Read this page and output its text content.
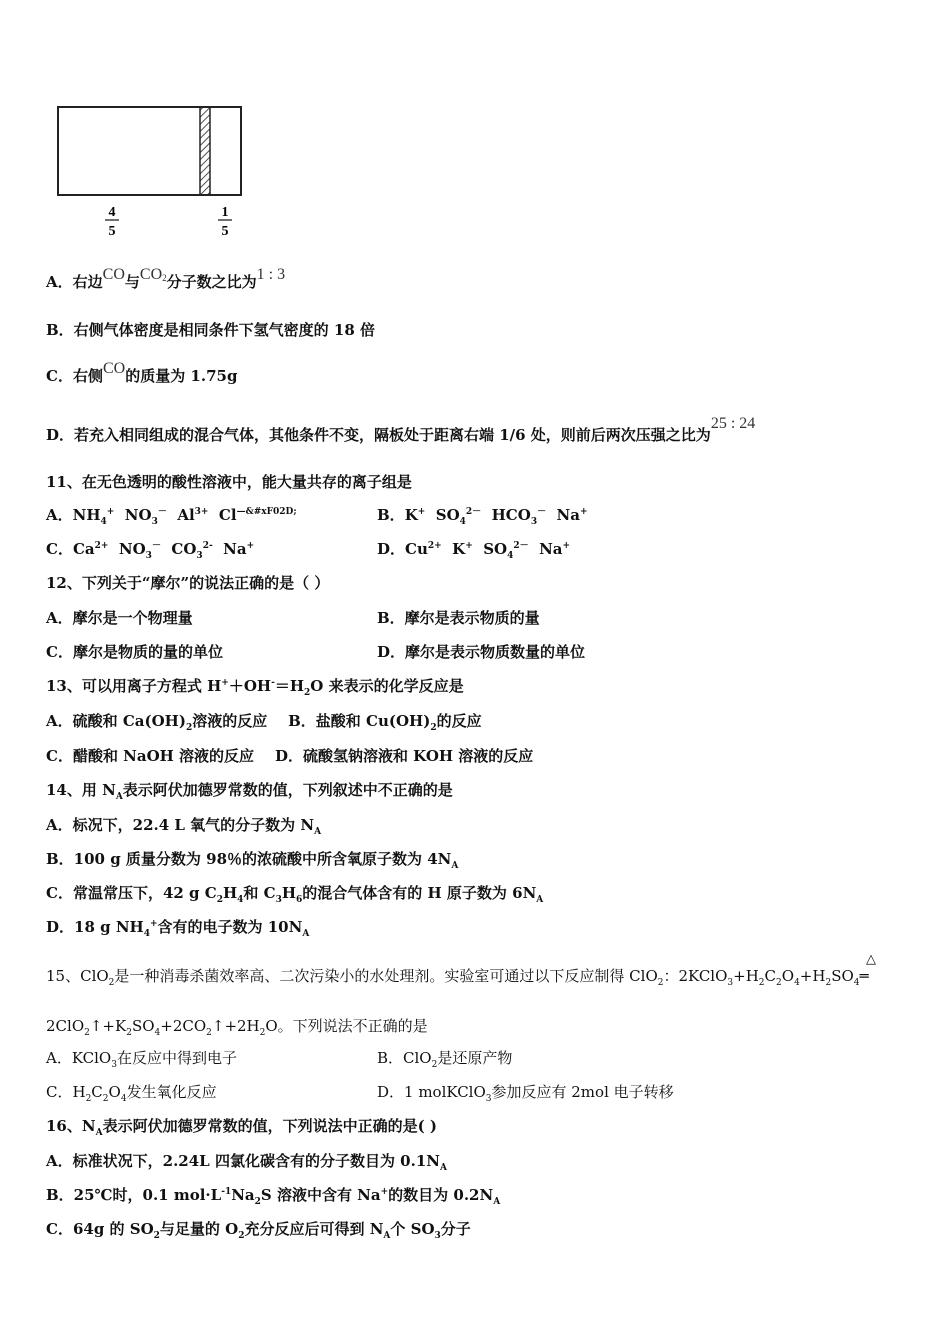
4
5
1
5
A．右边CO与$CO_2$分子数之比为1 : 3
B．右侧气体密度是相同条件下氢气密度的 18 倍
C．右侧CO的质量为 1.75g
D．若充入相同组成的混合气体，其他条件不变，隔板处于距离右端 1/6 处，则前后两次压强之比为25 : 24
11、在无色透明的酸性溶液中，能大量共存的离子组是
A．$NH_4^+$ $NO_3^-$ $Al^{3+}$ $Cl^{—\&\#xF02D;}$	B．K+ $SO_4^{2-}$ $HCO_3^-$ Na+
C．$Ca^{2+}$ $NO_3^-$ $CO_3^{2-}$ Na+	D．$Cu^{2+}$ K+ $SO_4^{2-}$ Na+
12、下列关于“摩尔”的说法正确的是（ ）
A．摩尔是一个物理量	B．摩尔是表示物质的量
C．摩尔是物质的量的单位	D．摩尔是表示物质数量的单位
13、可以用离子方程式 $H^++OH^-=H_2O$ 来表示的化学反应是
A．硫酸和 $Ca(OH)_2$溶液的反应 B．盐酸和 $Cu(OH)_2$的反应
C．醋酸和 NaOH 溶液的反应 D．硫酸氢钠溶液和 KOH 溶液的反应
14、用 $N_A$表示阿伏加德罗常数的值，下列叙述中不正确的是
A．标况下，22.4 L 氧气的分子数为 $N_A$
B．100 g 质量分数为 98％的浓硫酸中所含氧原子数为 $4N_A$
C．常温常压下，42 g $C_2H_4$和 $C_3H_6$的混合气体含有的 H 原子数为 $6N_A$
D．18 g $NH_4^+$含有的电子数为 $10N_A$
△
15、ClO$_2$是一种消毒杀菌效率高、二次污染小的水处理剂。实验室可通过以下反应制得 ClO$_2$：$2KClO_3+H_2C_2O_4+H_2SO_4═$
$2ClO_2↑+K_2SO_4+2CO_2↑+2H_2O$。下列说法不正确的是
A．KClO$_3$在反应中得到电子	B．ClO$_2$是还原产物
C．$H_2C_2O_4$发生氧化反应	D．1 molKClO$_3$参加反应有 2mol 电子转移
16、$N_A$表示阿伏加德罗常数的值，下列说法中正确的是( )
A．标准状况下，2.24L 四氯化碳含有的分子数目为 $0.1N_A$
B．25℃时，0.1 $mol\cdot L^{-1}Na_2S$ 溶液中含有 Na+的数目为 $0.2N_A$
C．64g 的 $SO_2$与足量的 $O_2$充分反应后可得到 $N_A$个 $SO_3$分子
